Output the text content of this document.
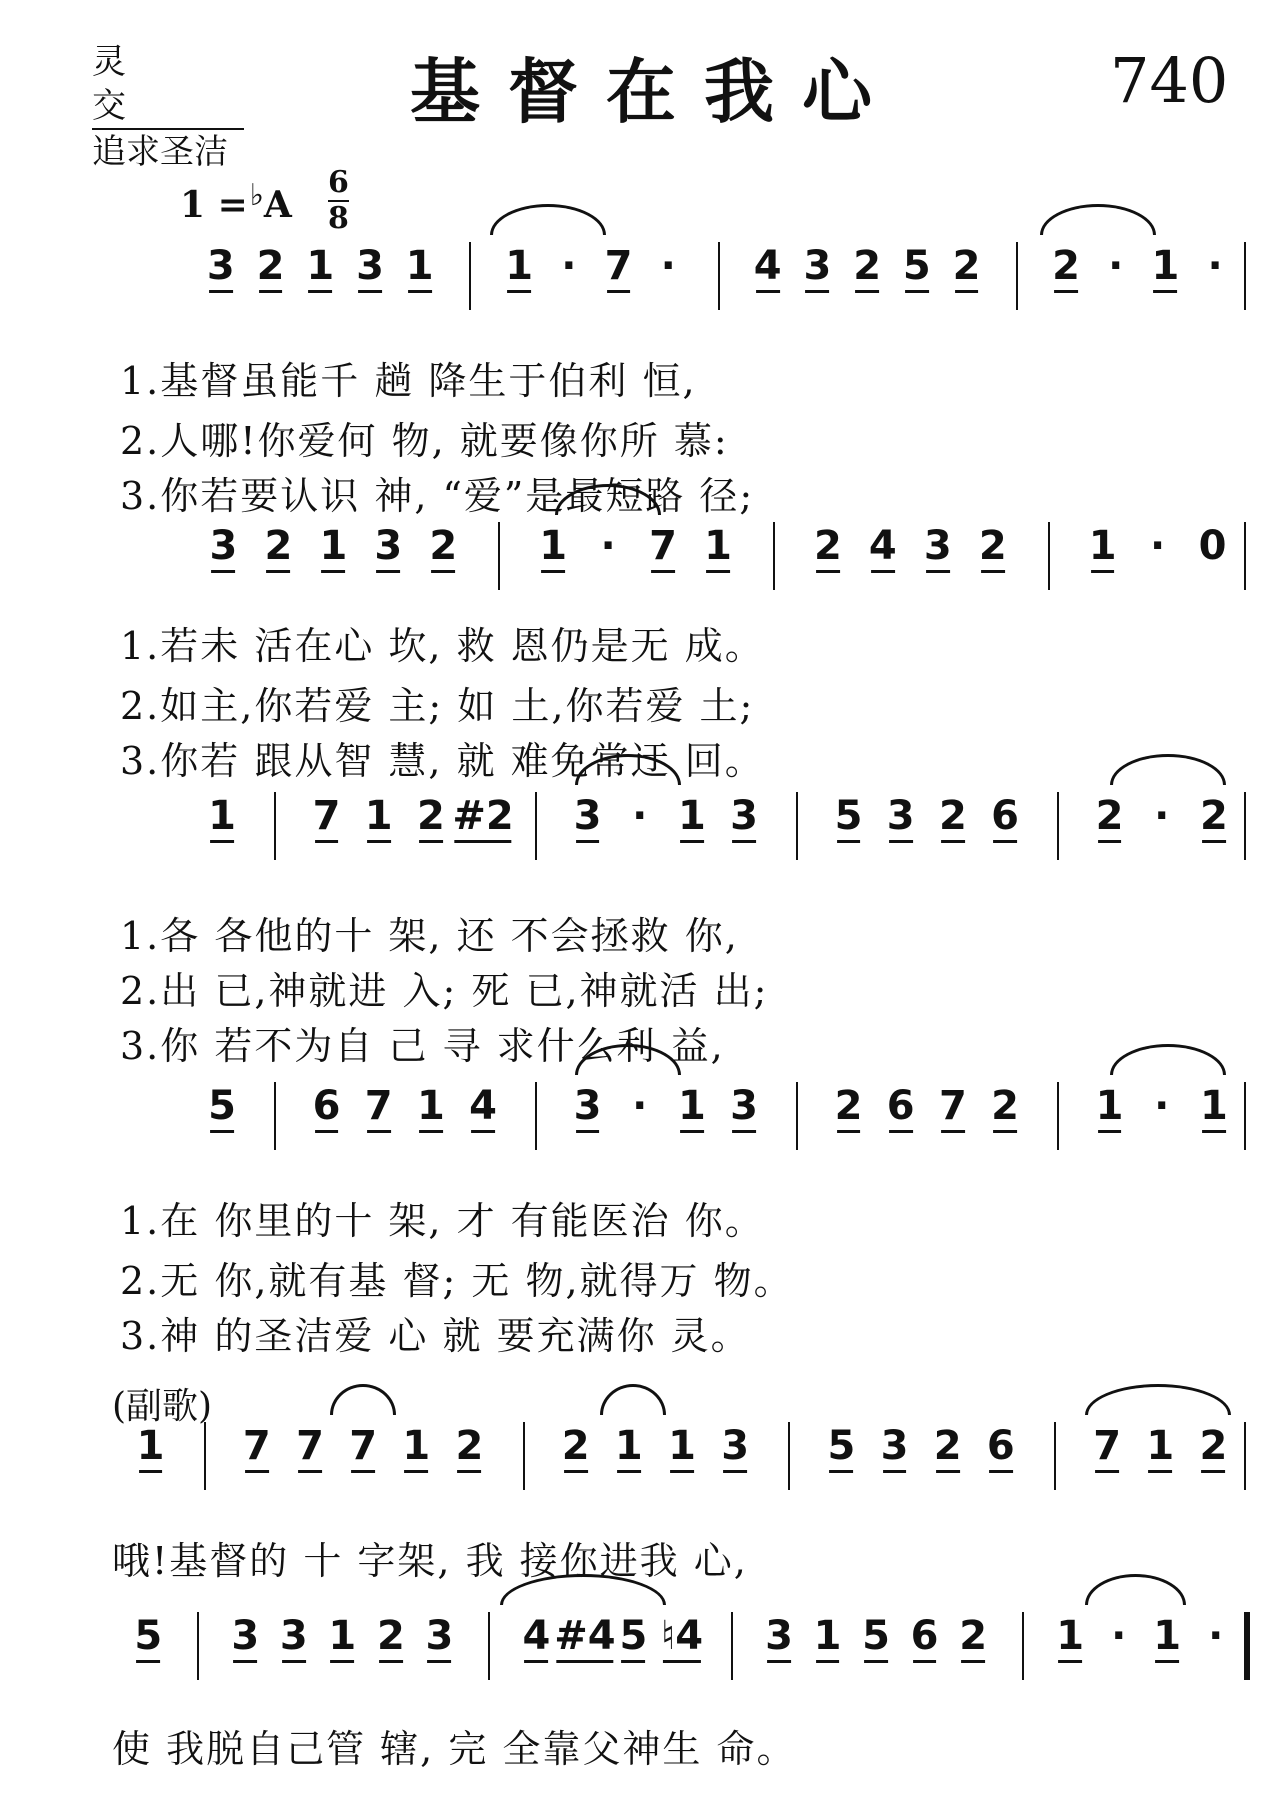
灵交
追求圣洁
基督在我心	740
1 =♭A
6
8
3 2 1 3 1 1 · 7 · 4 3 2 5 2 2 · 1 ·
1.基督虽能千 趟 降生于伯利 恒,
2.人哪!你爱何 物, 就要像你所 慕:
3.你若要认识 神, “爱”是最短路 径;
3 2 1 3 2 1 · 7 1 2 4 3 2 1 · 0
1.若未 活在心 坎, 救 恩仍是无 成。
2.如主,你若爱 主; 如 土,你若爱 土;
3.你若 跟从智 慧, 就 难免常迂 回。
1 7 1 2 #2 3 · 1 3 5 3 2 6 2 · 2
1.各 各他的十 架, 还 不会拯救 你,
2.出 已,神就进 入; 死 已,神就活 出;
3.你 若不为自 己 寻 求什么利 益,
5 6 7 1 4 3 · 1 3 2 6 7 2 1 · 1
1.在 你里的十 架, 才 有能医治 你。
2.无 你,就有基 督; 无 物,就得万 物。
3.神 的圣洁爱 心 就 要充满你 灵。
(副歌)
1 7 7 7 1 2 2 1 1 3 5 3 2 6 7 1 2
哦!基督的 十 字架, 我 接你进我 心,
5 3 3 1 2 3 4 #4 5 ♮4 3 1 5 6 2 1 · 1 ·
使 我脱自己管 辖, 完 全靠父神生 命。
